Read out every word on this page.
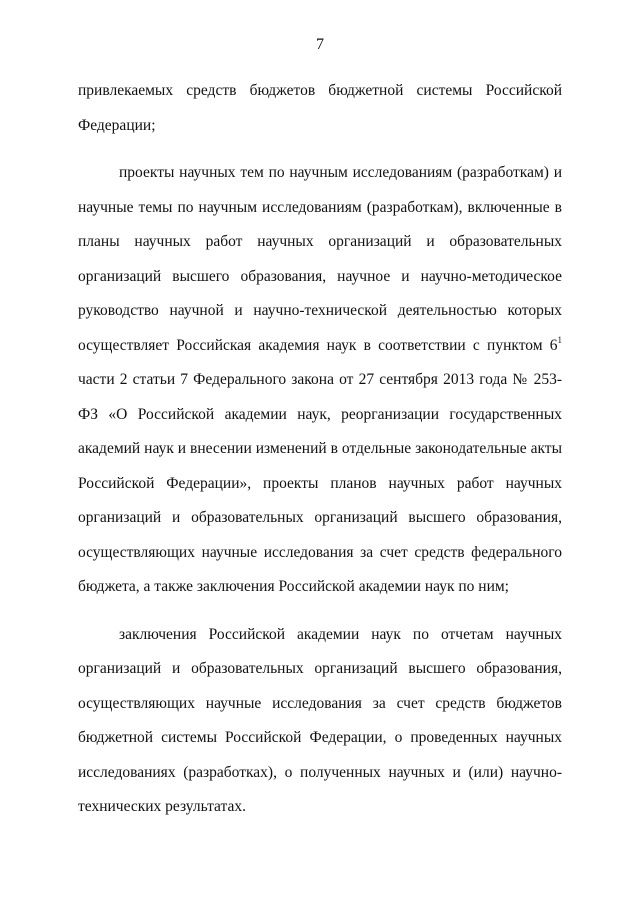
7

привлекаемых средств бюджетов бюджетной системы Российской Федерации;

проекты научных тем по научным исследованиям (разработкам) и научные темы по научным исследованиям (разработкам), включенные в планы научных работ научных организаций и образовательных организаций высшего образования, научное и научно-методическое руководство научной и научно-технической деятельностью которых осуществляет Российская академия наук в соответствии с пунктом $6^1$ части 2 статьи 7 Федерального закона от 27 сентября 2013 года № 253-ФЗ «О Российской академии наук, реорганизации государственных академий наук и внесении изменений в отдельные законодательные акты Российской Федерации», проекты планов научных работ научных организаций и образовательных организаций высшего образования, осуществляющих научные исследования за счет средств федерального бюджета, а также заключения Российской академии наук по ним;

заключения Российской академии наук по отчетам научных организаций и образовательных организаций высшего образования, осуществляющих научные исследования за счет средств бюджетов бюджетной системы Российской Федерации, о проведенных научных исследованиях (разработках), о полученных научных и (или) научно-технических результатах.
